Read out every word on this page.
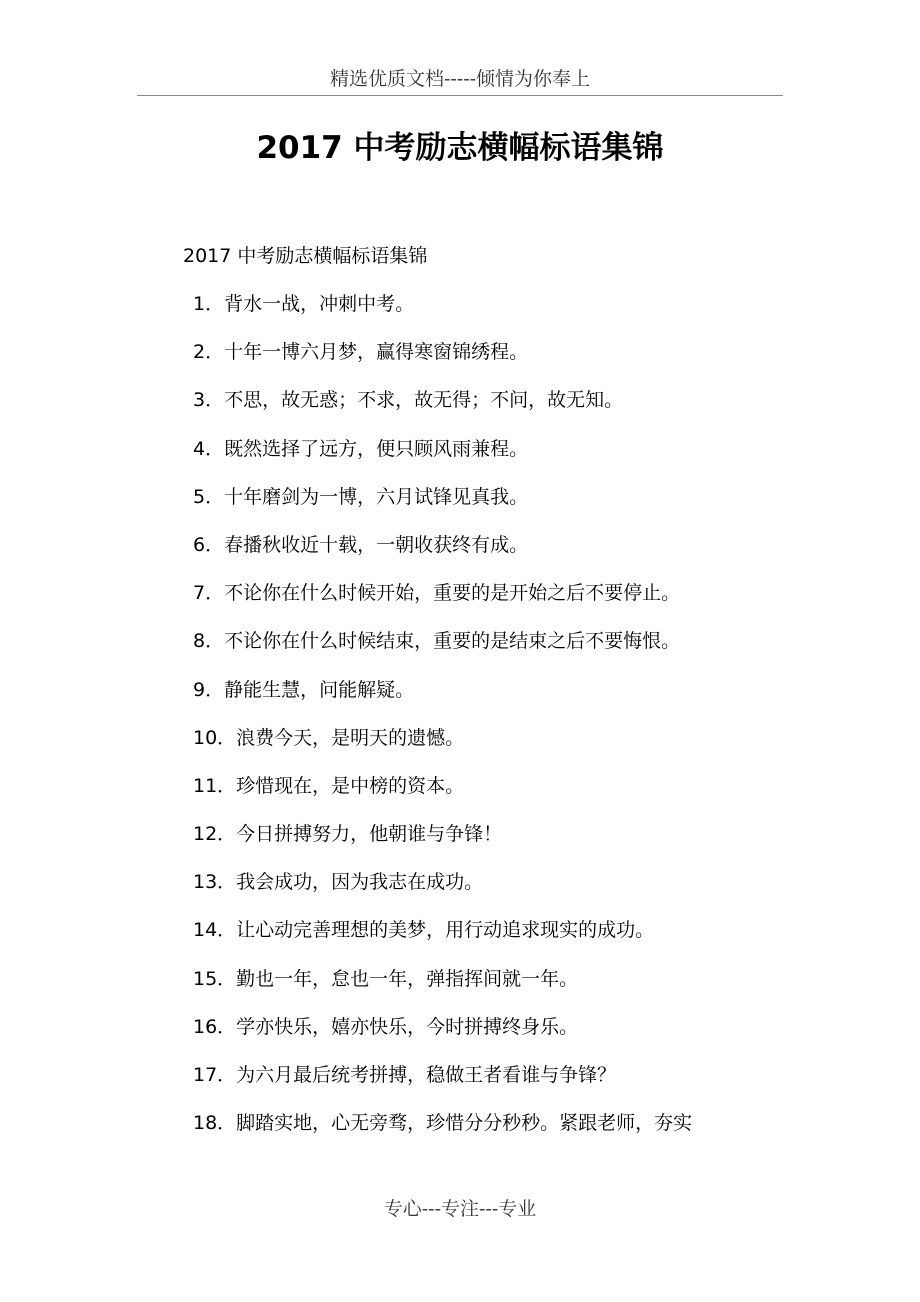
精选优质文档-----倾情为你奉上
2017 中考励志横幅标语集锦
2017 中考励志横幅标语集锦
1．背水一战，冲刺中考。
2．十年一博六月梦，赢得寒窗锦绣程。
3．不思，故无惑；不求，故无得；不问，故无知。
4．既然选择了远方，便只顾风雨兼程。
5．十年磨剑为一博，六月试锋见真我。
6．春播秋收近十载，一朝收获终有成。
7．不论你在什么时候开始，重要的是开始之后不要停止。
8．不论你在什么时候结束，重要的是结束之后不要悔恨。
9．静能生慧，问能解疑。
10．浪费今天，是明天的遗憾。
11．珍惜现在，是中榜的资本。
12．今日拼搏努力，他朝谁与争锋！
13．我会成功，因为我志在成功。
14．让心动完善理想的美梦，用行动追求现实的成功。
15．勤也一年，怠也一年，弹指挥间就一年。
16．学亦快乐，嬉亦快乐，今时拼搏终身乐。
17．为六月最后统考拼搏，稳做王者看谁与争锋？
18．脚踏实地，心无旁骛，珍惜分分秒秒。紧跟老师，夯实
专心---专注---专业
